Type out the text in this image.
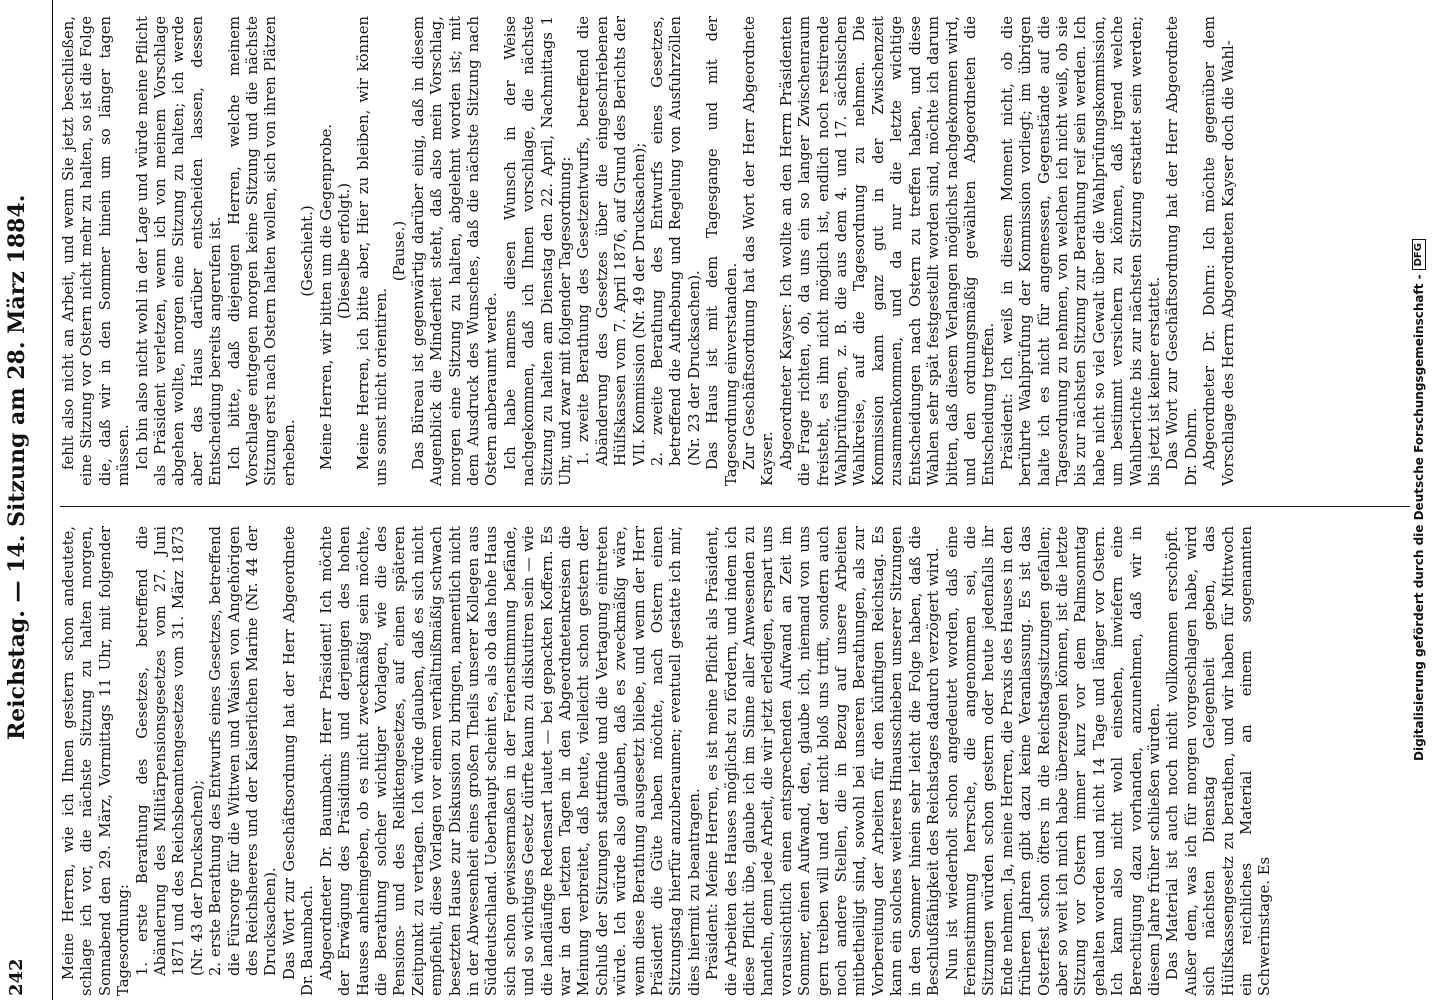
242
Reichstag. — 14. Sitzung am 28. März 1884.

Meine Herren, wie ich Ihnen gestern schon andeutete, schlage ich vor, die nächste Sitzung zu halten morgen, Sonnabend den 29. März, Vormittags 11 Uhr, mit folgender Tagesordnung: 1. erste Berathung des Gesetzes, betreffend die Abänderung des Militärpensionsgesetzes vom 27. Juni 1871 und des Reichsbeamtengesetzes vom 31. März 1873 (Nr. 43 der Drucksachen); 2. erste Berathung des Entwurfs eines Gesetzes, betreffend die Fürsorge für die Wittwen und Waisen von Angehörigen des Reichsheeres und der Kaiserlichen Marine (Nr. 44 der Drucksachen). Das Wort zur Geschäftsordnung hat der Herr Abgeordnete Dr. Baumbach. Abgeordneter Dr. Baumbach: Herr Präsident! Ich möchte der Erwägung des Präsidiums und derjenigen des hohen Hauses anheimgeben, ob es nicht zweckmäßig sein möchte, die Berathung solcher wichtiger Vorlagen, wie die des Pensions- und des Reliktengesetzes, auf einen späteren Zeitpunkt zu vertagen. Ich würde glauben, daß es sich nicht empfiehlt, diese Vorlagen vor einem verhältnißmäßig schwach besetzten Hause zur Diskussion zu bringen, namentlich nicht in der Abwesenheit eines großen Theils unserer Kollegen aus Süddeutschland. Ueberhaupt scheint es, als ob das hohe Haus sich schon gewissermaßen in der Ferienstimmung befände, und so wichtiges Gesetz dürfte kaum zu diskutiren sein — wie die landläufige Redensart lautet — bei gepackten Koffern. Es war in den letzten Tagen in den Abgeordnetenkreisen die Meinung verbreitet, daß heute, vielleicht schon gestern der Schluß der Sitzungen stattfinde und die Vertagung eintreten würde. Ich würde also glauben, daß es zweckmäßig wäre, wenn diese Berathung ausgesetzt bliebe, und wenn der Herr Präsident die Güte haben möchte, nach Ostern einen Sitzungstag hierfür anzuberaumen; eventuell gestatte ich mir, dies hiermit zu beantragen. Präsident: Meine Herren, es ist meine Pflicht als Präsident, die Arbeiten des Hauses möglichst zu fördern, und indem ich diese Pflicht übe, glaube ich im Sinne aller Anwesenden zu handeln, denn jede Arbeit, die wir jetzt erledigen, erspart uns voraussichtlich einen entsprechenden Aufwand an Zeit im Sommer, einen Aufwand, den, glaube ich, niemand von uns gern treiben will und der nicht bloß uns trifft, sondern auch noch andere Stellen, die in Bezug auf unsere Arbeiten mitbetheiligt sind, sowohl bei unseren Berathungen, als zur Vorbereitung der Arbeiten für den künftigen Reichstag. Es kann ein solches weiteres Hinausschieben unserer Sitzungen in den Sommer hinein sehr leicht die Folge haben, daß die Beschlußfähigkeit des Reichstages dadurch verzögert wird. Nun ist wiederholt schon angedeutet worden, daß eine Ferienstimmung herrsche, die angenommen sei, die Sitzungen würden schon gestern oder heute jedenfalls ihr Ende nehmen. Ja, meine Herren, die Praxis des Hauses in den früheren Jahren gibt dazu keine Veranlassung. Es ist das Osterfest schon öfters in die Reichstagssitzungen gefallen; aber so weit ich mich habe überzeugen können, ist die letzte Sitzung vor Ostern immer kurz vor dem Palmsonntag gehalten worden und nicht 14 Tage und länger vor Ostern. Ich kann also nicht wohl einsehen, inwiefern eine Berechtigung dazu vorhanden, anzunehmen, daß wir in diesem Jahre früher schließen würden. Das Material ist auch noch nicht vollkommen erschöpft. Außer dem, was ich für morgen vorgeschlagen habe, wird sich nächsten Dienstag Gelegenheit geben, das Hülfskassengesetz zu berathen, und wir haben für Mittwoch ein reichliches Material an einem sogenannten Schwerinstage. Es

fehlt also nicht an Arbeit, und wenn Sie jetzt beschließen, eine Sitzung vor Ostern nicht mehr zu halten, so ist die Folge die, daß wir in den Sommer hinein um so länger tagen müssen. Ich bin also nicht wohl in der Lage und würde meine Pflicht als Präsident verletzen, wenn ich von meinem Vorschlage abgehen wollte, morgen eine Sitzung zu halten; ich werde aber das Haus darüber entscheiden lassen, dessen Entscheidung bereits angerufen ist. Ich bitte, daß diejenigen Herren, welche meinem Vorschlage entgegen morgen keine Sitzung und die nächste Sitzung erst nach Ostern halten wollen, sich von ihren Plätzen erheben.

(Geschieht.) Meine Herren, wir bitten um die Gegenprobe. (Dieselbe erfolgt.) Meine Herren, ich bitte aber, Hier zu bleiben, wir können uns sonst nicht orientiren.

(Pause.) Das Büreau ist gegenwärtig darüber einig, daß in diesem Augenblick die Minderheit steht, daß also mein Vorschlag, morgen eine Sitzung zu halten, abgelehnt worden ist; mit dem Ausdruck des Wunsches, daß die nächste Sitzung nach Ostern anberaumt werde. Ich habe namens diesen Wunsch in der Weise nachgekommen, daß ich Ihnen vorschlage, die nächste Sitzung zu halten am Dienstag den 22. April, Nachmittags 1 Uhr, und zwar mit folgender Tagesordnung: 1. zweite Berathung des Gesetzentwurfs, betreffend die Abänderung des Gesetzes über die eingeschriebenen Hülfskassen vom 7. April 1876, auf Grund des Berichts der VII. Kommission (Nr. 49 der Drucksachen); 2. zweite Berathung des Entwurfs eines Gesetzes, betreffend die Aufhebung und Regelung von Ausfuhrzöllen (Nr. 23 der Drucksachen). Das Haus ist mit dem Tagesgange und mit der Tagesordnung einverstanden. Zur Geschäftsordnung hat das Wort der Herr Abgeordnete Kayser. Abgeordneter Kayser: Ich wollte an den Herrn Präsidenten die Frage richten, ob, da uns ein so langer Zwischenraum freisteht, es ihm nicht möglich ist, endlich noch restirende Wahlprüfungen, z. B. die aus dem 4. und 17. sächsischen Wahlkreise, auf die Tagesordnung zu nehmen. Die Kommission kann ganz gut in der Zwischenzeit zusammenkommen, und da nur die letzte wichtige Entscheidungen nach Ostern zu treffen haben, und diese Wahlen sehr spät festgestellt worden sind, möchte ich darum bitten, daß diesem Verlangen möglichst nachgekommen wird, und den ordnungsmäßig gewählten Abgeordneten die Entscheidung treffen. Präsident: Ich weiß in diesem Moment nicht, ob die berührte Wahlprüfung der Kommission vorliegt; im übrigen halte ich es nicht für angemessen, Gegenstände auf die Tagesordnung zu nehmen, von welchen ich nicht weiß, ob sie bis zur nächsten Sitzung zur Berathung reif sein werden. Ich habe nicht so viel Gewalt über die Wahlprüfungskommission, um bestimmt versichern zu können, daß irgend welche Wahlberichte bis zur nächsten Sitzung erstattet sein werden; bis jetzt ist keiner erstattet. Das Wort zur Geschäftsordnung hat der Herr Abgeordnete Dr. Dohrn. Abgeordneter Dr. Dohrn: Ich möchte gegenüber dem Vorschlage des Herrn Abgeordneten Kayser doch die Wahl-

Digitalisierung gefördert durch die Deutsche Forschungsgemeinschaft -
DFG
